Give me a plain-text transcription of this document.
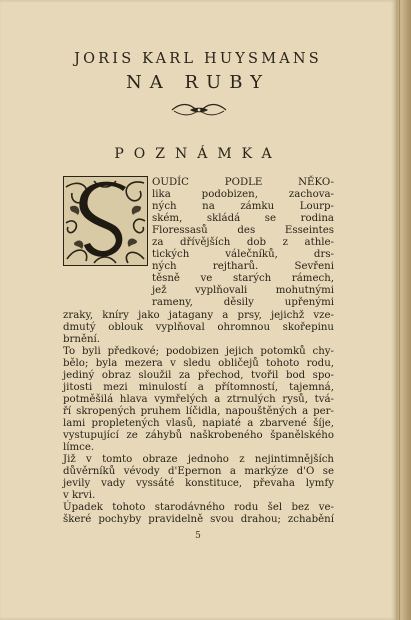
JORIS KARL HUYSMANS
NA RUBY
POZNÁMKA
OUDÍC PODLE NĚKO-
lika podobizen, zachova-
ných na zámku Lourp-
ském, skládá se rodina
Floressasů des Esseintes
za dřívějších dob z athle-
tických válečníků, drs-
ných rejtharů. Sevřeni
těsně ve starých rámech,
jež vyplňovali mohutnými
rameny, děsily upřenými
zraky, kníry jako jatagany a prsy, jejichž vze-
dmutý oblouk vyplňoval ohromnou skořepinu
brnění.
To byli předkové; podobizen jejich potomků chy-
bělo; byla mezera v sledu obličejů tohoto rodu,
jediný obraz sloužil za přechod, tvořil bod spo-
jitosti mezi minulostí a přítomností, tajemná,
potměšilá hlava vymřelých a ztrnulých rysů, tvá-
ří skropených pruhem líčidla, napouštěných a per-
lami propletených vlasů, napiaté a zbarvené šíje,
vystupující ze záhybů naškrobeného španělského
límce.
Již v tomto obraze jednoho z nejintimnějších
důvěrníků vévody d'Epernon a markýze d'O se
jevily vady vyssáté konstituce, převaha lymfy
v krvi.
Úpadek tohoto starodávného rodu šel bez ve-
škeré pochyby pravidelně svou drahou; zchabění
5
